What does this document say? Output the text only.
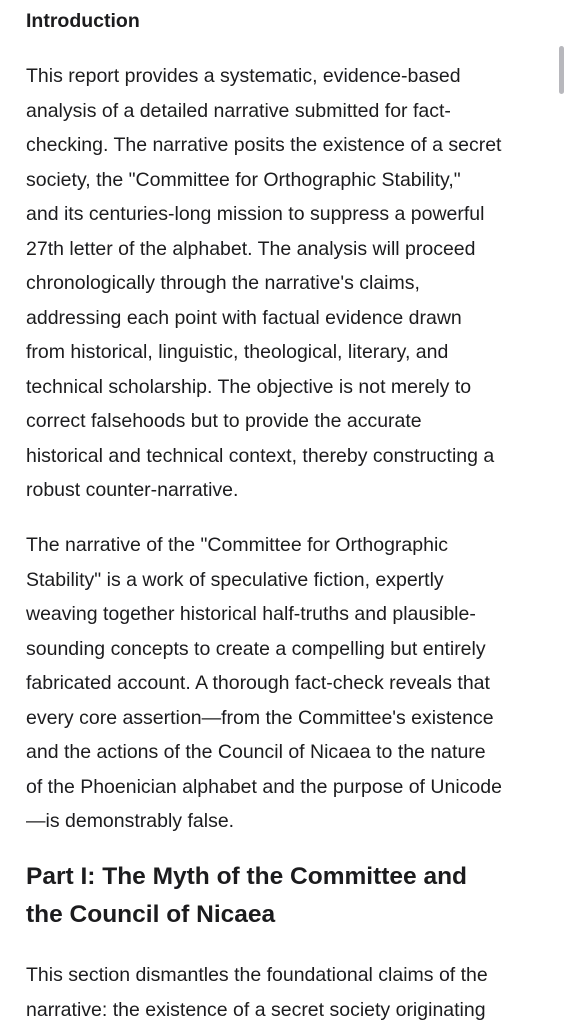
Introduction

This report provides a systematic, evidence-based
analysis of a detailed narrative submitted for fact-
checking. The narrative posits the existence of a secret
society, the "Committee for Orthographic Stability,"
and its centuries-long mission to suppress a powerful
27th letter of the alphabet. The analysis will proceed
chronologically through the narrative's claims,
addressing each point with factual evidence drawn
from historical, linguistic, theological, literary, and
technical scholarship. The objective is not merely to
correct falsehoods but to provide the accurate
historical and technical context, thereby constructing a
robust counter-narrative.

The narrative of the "Committee for Orthographic
Stability" is a work of speculative fiction, expertly
weaving together historical half-truths and plausible-
sounding concepts to create a compelling but entirely
fabricated account. A thorough fact-check reveals that
every core assertion—from the Committee's existence
and the actions of the Council of Nicaea to the nature
of the Phoenician alphabet and the purpose of Unicode
—is demonstrably false.

Part I: The Myth of the Committee and
the Council of Nicaea

This section dismantles the foundational claims of the
narrative: the existence of a secret society originating
